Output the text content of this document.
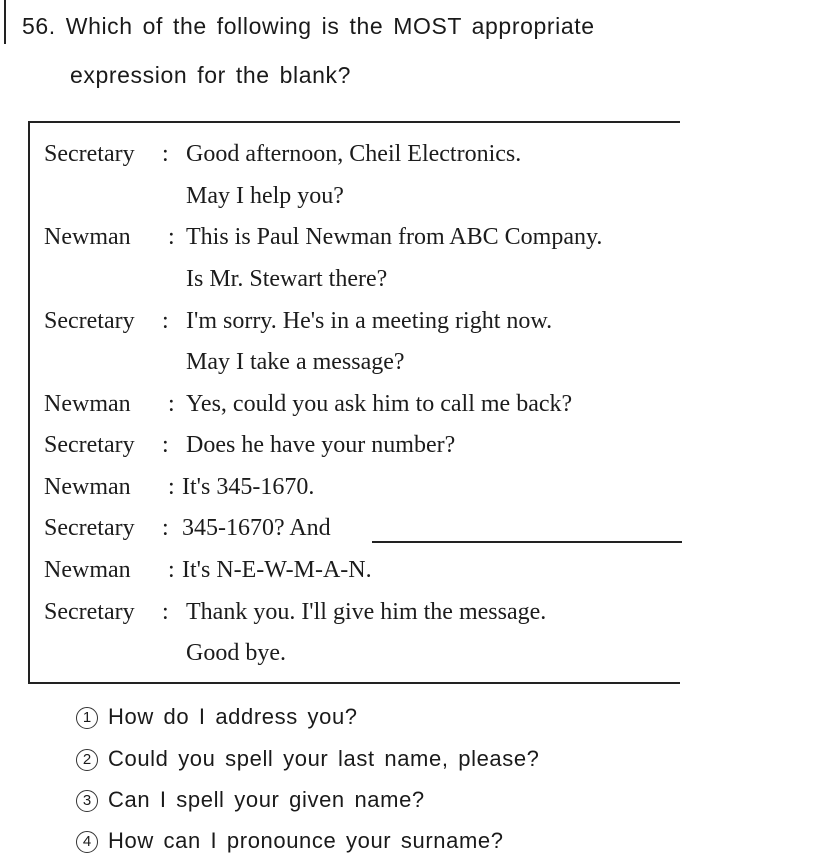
56. Which of the following is the MOST appropriate
expression for the blank?
Secretary : Good afternoon, Cheil Electronics.
May I help you?
Newman : This is Paul Newman from ABC Company.
Is Mr. Stewart there?
Secretary : I'm sorry. He's in a meeting right now.
May I take a message?
Newman : Yes, could you ask him to call me back?
Secretary : Does he have your number?
Newman : It's 345-1670.
Secretary : 345-1670? And
Newman : It's N-E-W-M-A-N.
Secretary : Thank you. I'll give him the message.
Good bye.
1 How do I address you?
2 Could you spell your last name, please?
3 Can I spell your given name?
4 How can I pronounce your surname?
